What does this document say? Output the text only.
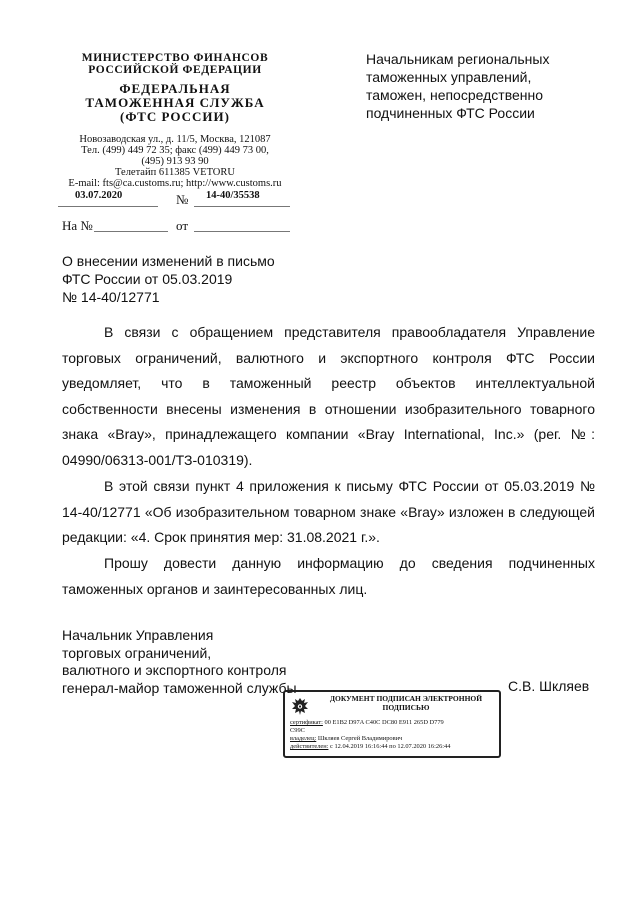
МИНИСТЕРСТВО ФИНАНСОВ
РОССИЙСКОЙ ФЕДЕРАЦИИ
ФЕДЕРАЛЬНАЯ
ТАМОЖЕННАЯ СЛУЖБА
(ФТС РОССИИ)
Новозаводская ул., д. 11/5, Москва, 121087
Тел. (499) 449 72 35; факс (499) 449 73 00,
(495) 913 93 90
Телетайп 611385 VETORU
E-mail: fts@ca.customs.ru; http://www.customs.ru
03.07.2020	№ 14-40/35538
На №	от
Начальникам региональных
таможенных управлений,
таможен, непосредственно
подчиненных ФТС России
О внесении изменений в письмо
ФТС России от 05.03.2019
№ 14-40/12771
В связи с обращением представителя правообладателя Управление торговых ограничений, валютного и экспортного контроля ФТС России уведомляет, что в таможенный реестр объектов интеллектуальной собственности внесены изменения в отношении изобразительного товарного знака «Bray», принадлежащего компании «Bray International, Inc.» (рег. №: 04990/06313-001/ТЗ-010319).
В этой связи пункт 4 приложения к письму ФТС России от 05.03.2019 № 14-40/12771 «Об изобразительном товарном знаке «Bray» изложен в следующей редакции: «4. Срок принятия мер: 31.08.2021 г.».
Прошу довести данную информацию до сведения подчиненных таможенных органов и заинтересованных лиц.
Начальник Управления
торговых ограничений,
валютного и экспортного контроля
генерал-майор таможенной службы	С.В. Шкляев
ДОКУМЕНТ ПОДПИСАН ЭЛЕКТРОННОЙ
ПОДПИСЬЮ
сертификат: 00 E1B2 D97A C40C DC80 E911 265D D779
C99C
владелец: Шкляев Сергей Владимирович
действителен: с 12.04.2019 16:16:44 по 12.07.2020 16:26:44
